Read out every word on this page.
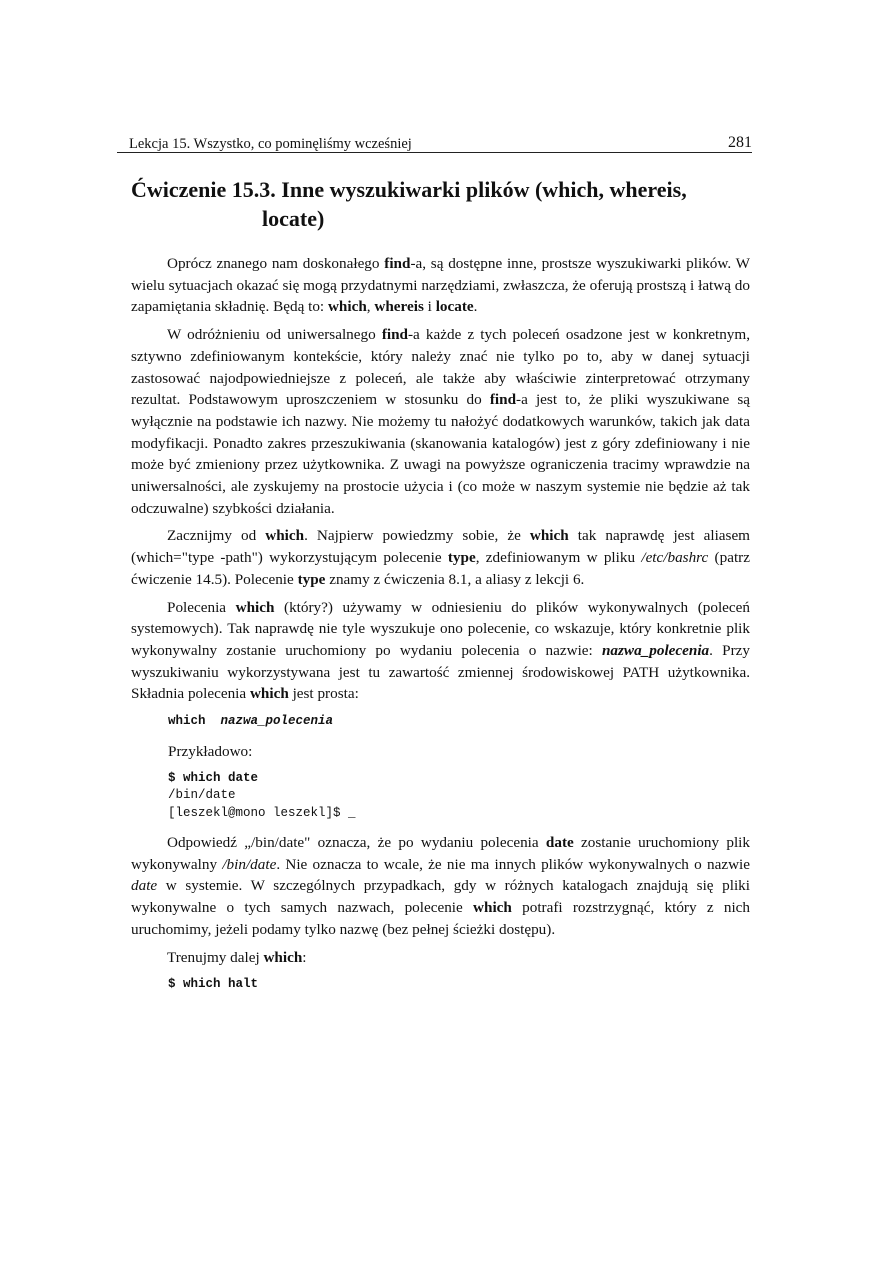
Lekcja 15. Wszystko, co pominęliśmy wcześniej	281
Ćwiczenie 15.3. Inne wyszukiwarki plików (which, whereis,
locate)

Oprócz znanego nam doskonałego find-a, są dostępne inne, prostsze wyszukiwarki plików. W wielu sytuacjach okazać się mogą przydatnymi narzędziami, zwłaszcza, że oferują prostszą i łatwą do zapamiętania składnię. Będą to: which, whereis i locate.

W odróżnieniu od uniwersalnego find-a każde z tych poleceń osadzone jest w konkretnym, sztywno zdefiniowanym kontekście, który należy znać nie tylko po to, aby w danej sytuacji zastosować najodpowiedniejsze z poleceń, ale także aby właściwie zinterpretować otrzymany rezultat. Podstawowym uproszczeniem w stosunku do find-a jest to, że pliki wyszukiwane są wyłącznie na podstawie ich nazwy. Nie możemy tu nałożyć dodatkowych warunków, takich jak data modyfikacji. Ponadto zakres przeszukiwania (skanowania katalogów) jest z góry zdefiniowany i nie może być zmieniony przez użytkownika. Z uwagi na powyższe ograniczenia tracimy wprawdzie na uniwersalności, ale zyskujemy na prostocie użycia i (co może w naszym systemie nie będzie aż tak odczuwalne) szybkości działania.

Zacznijmy od which. Najpierw powiedzmy sobie, że which tak naprawdę jest aliasem (which="type -path") wykorzystującym polecenie type, zdefiniowanym w pliku /etc/bashrc (patrz ćwiczenie 14.5). Polecenie type znamy z ćwiczenia 8.1, a aliasy z lekcji 6.

Polecenia which (który?) używamy w odniesieniu do plików wykonywalnych (poleceń systemowych). Tak naprawdę nie tyle wyszukuje ono polecenie, co wskazuje, który konkretnie plik wykonywalny zostanie uruchomiony po wydaniu polecenia o nazwie: nazwa_polecenia. Przy wyszukiwaniu wykorzystywana jest tu zawartość zmiennej środowiskowej PATH użytkownika. Składnia polecenia which jest prosta:

which nazwa_polecenia
Przykładowo:
$ which date
/bin/date
[leszekl@mono leszekl]$ _

Odpowiedź „/bin/date" oznacza, że po wydaniu polecenia date zostanie uruchomiony plik wykonywalny /bin/date. Nie oznacza to wcale, że nie ma innych plików wykonywalnych o nazwie date w systemie. W szczególnych przypadkach, gdy w różnych katalogach znajdują się pliki wykonywalne o tych samych nazwach, polecenie which potrafi rozstrzygnąć, który z nich uruchomimy, jeżeli podamy tylko nazwę (bez pełnej ścieżki dostępu).

Trenujmy dalej which:

$ which halt
